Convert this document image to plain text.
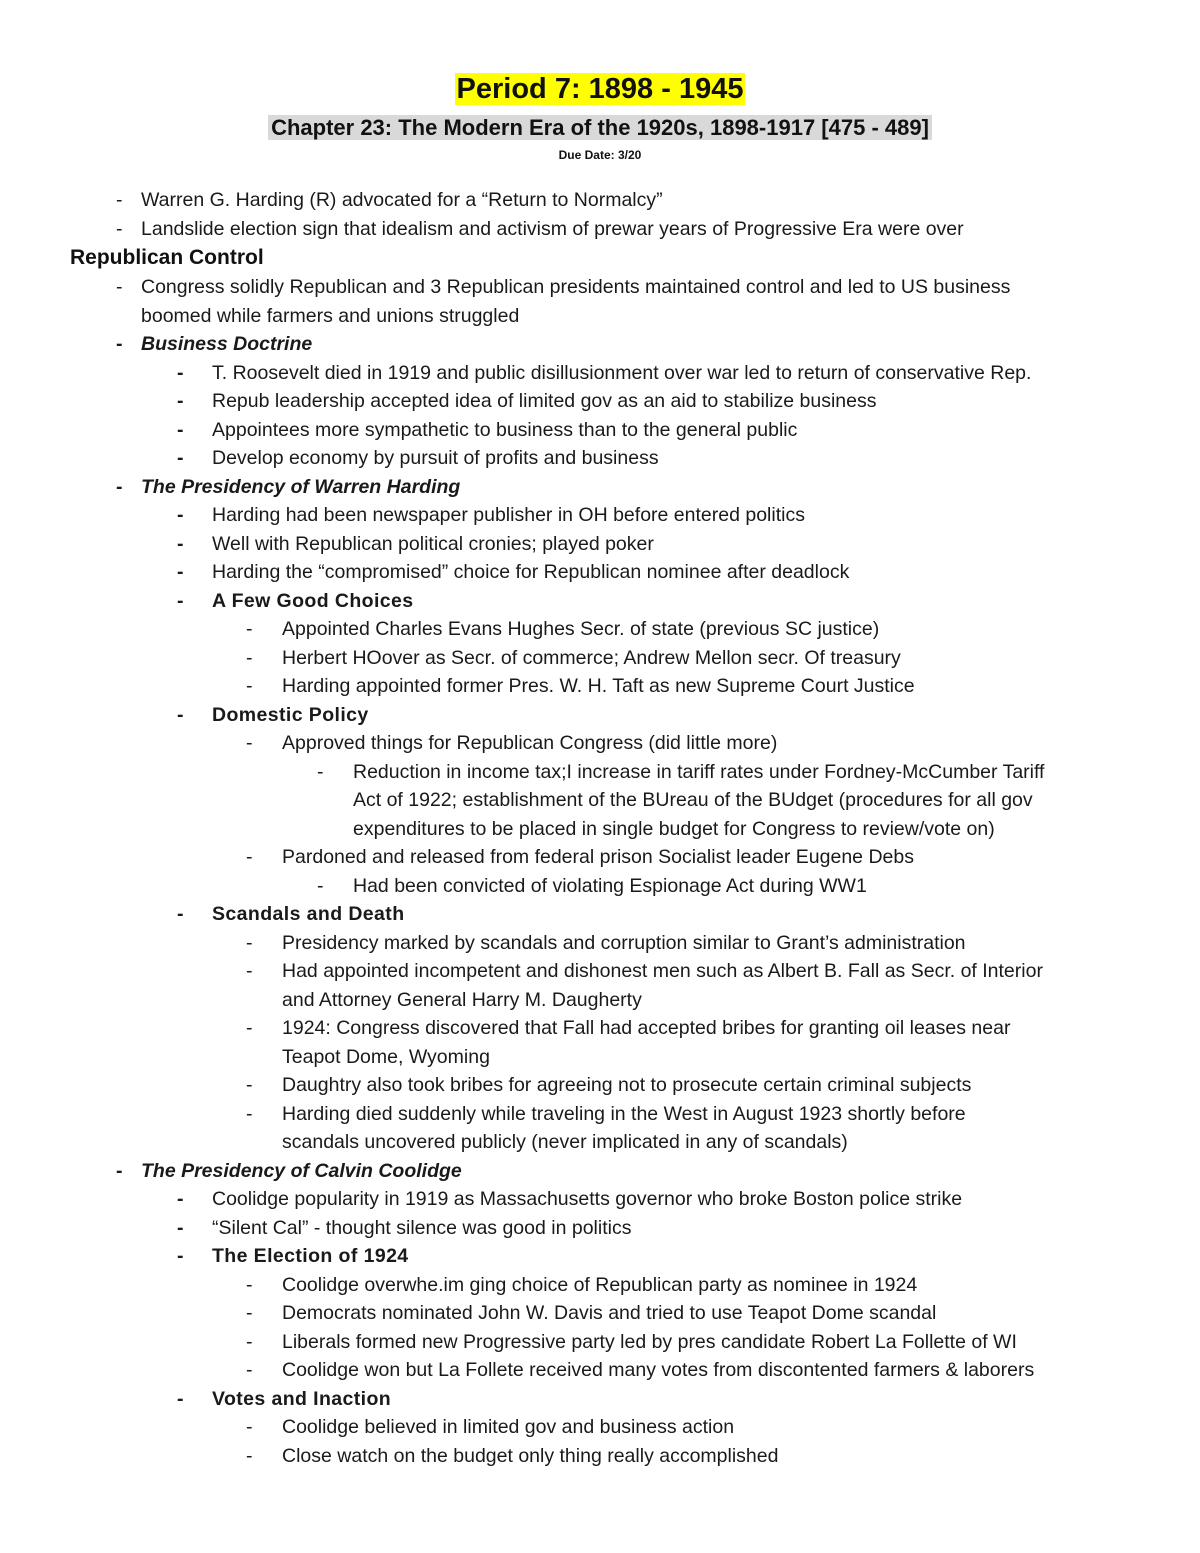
Period 7: 1898 - 1945
Chapter 23: The Modern Era of the 1920s, 1898-1917 [475 - 489]
Due Date: 3/20
- Warren G. Harding (R) advocated for a “Return to Normalcy”
- Landslide election sign that idealism and activism of prewar years of Progressive Era were over
Republican Control
- Congress solidly Republican and 3 Republican presidents maintained control and led to US business
boomed while farmers and unions struggled
- Business Doctrine
- T. Roosevelt died in 1919 and public disillusionment over war led to return of conservative Rep.
- Repub leadership accepted idea of limited gov as an aid to stabilize business
- Appointees more sympathetic to business than to the general public
- Develop economy by pursuit of profits and business
- The Presidency of Warren Harding
- Harding had been newspaper publisher in OH before entered politics
- Well with Republican political cronies; played poker
- Harding the “compromised” choice for Republican nominee after deadlock
- A Few Good Choices
- Appointed Charles Evans Hughes Secr. of state (previous SC justice)
- Herbert HOover as Secr. of commerce; Andrew Mellon secr. Of treasury
- Harding appointed former Pres. W. H. Taft as new Supreme Court Justice
- Domestic Policy
- Approved things for Republican Congress (did little more)
- Reduction in income tax;I increase in tariff rates under Fordney-McCumber Tariff
Act of 1922; establishment of the BUreau of the BUdget (procedures for all gov
expenditures to be placed in single budget for Congress to review/vote on)
- Pardoned and released from federal prison Socialist leader Eugene Debs
- Had been convicted of violating Espionage Act during WW1
- Scandals and Death
- Presidency marked by scandals and corruption similar to Grant’s administration
- Had appointed incompetent and dishonest men such as Albert B. Fall as Secr. of Interior
and Attorney General Harry M. Daugherty
- 1924: Congress discovered that Fall had accepted bribes for granting oil leases near
Teapot Dome, Wyoming
- Daughtry also took bribes for agreeing not to prosecute certain criminal subjects
- Harding died suddenly while traveling in the West in August 1923 shortly before
scandals uncovered publicly (never implicated in any of scandals)
- The Presidency of Calvin Coolidge
- Coolidge popularity in 1919 as Massachusetts governor who broke Boston police strike
- “Silent Cal” - thought silence was good in politics
- The Election of 1924
- Coolidge overwhe.im ging choice of Republican party as nominee in 1924
- Democrats nominated John W. Davis and tried to use Teapot Dome scandal
- Liberals formed new Progressive party led by pres candidate Robert La Follette of WI
- Coolidge won but La Follete received many votes from discontented farmers & laborers
- Votes and Inaction
- Coolidge believed in limited gov and business action
- Close watch on the budget only thing really accomplished
